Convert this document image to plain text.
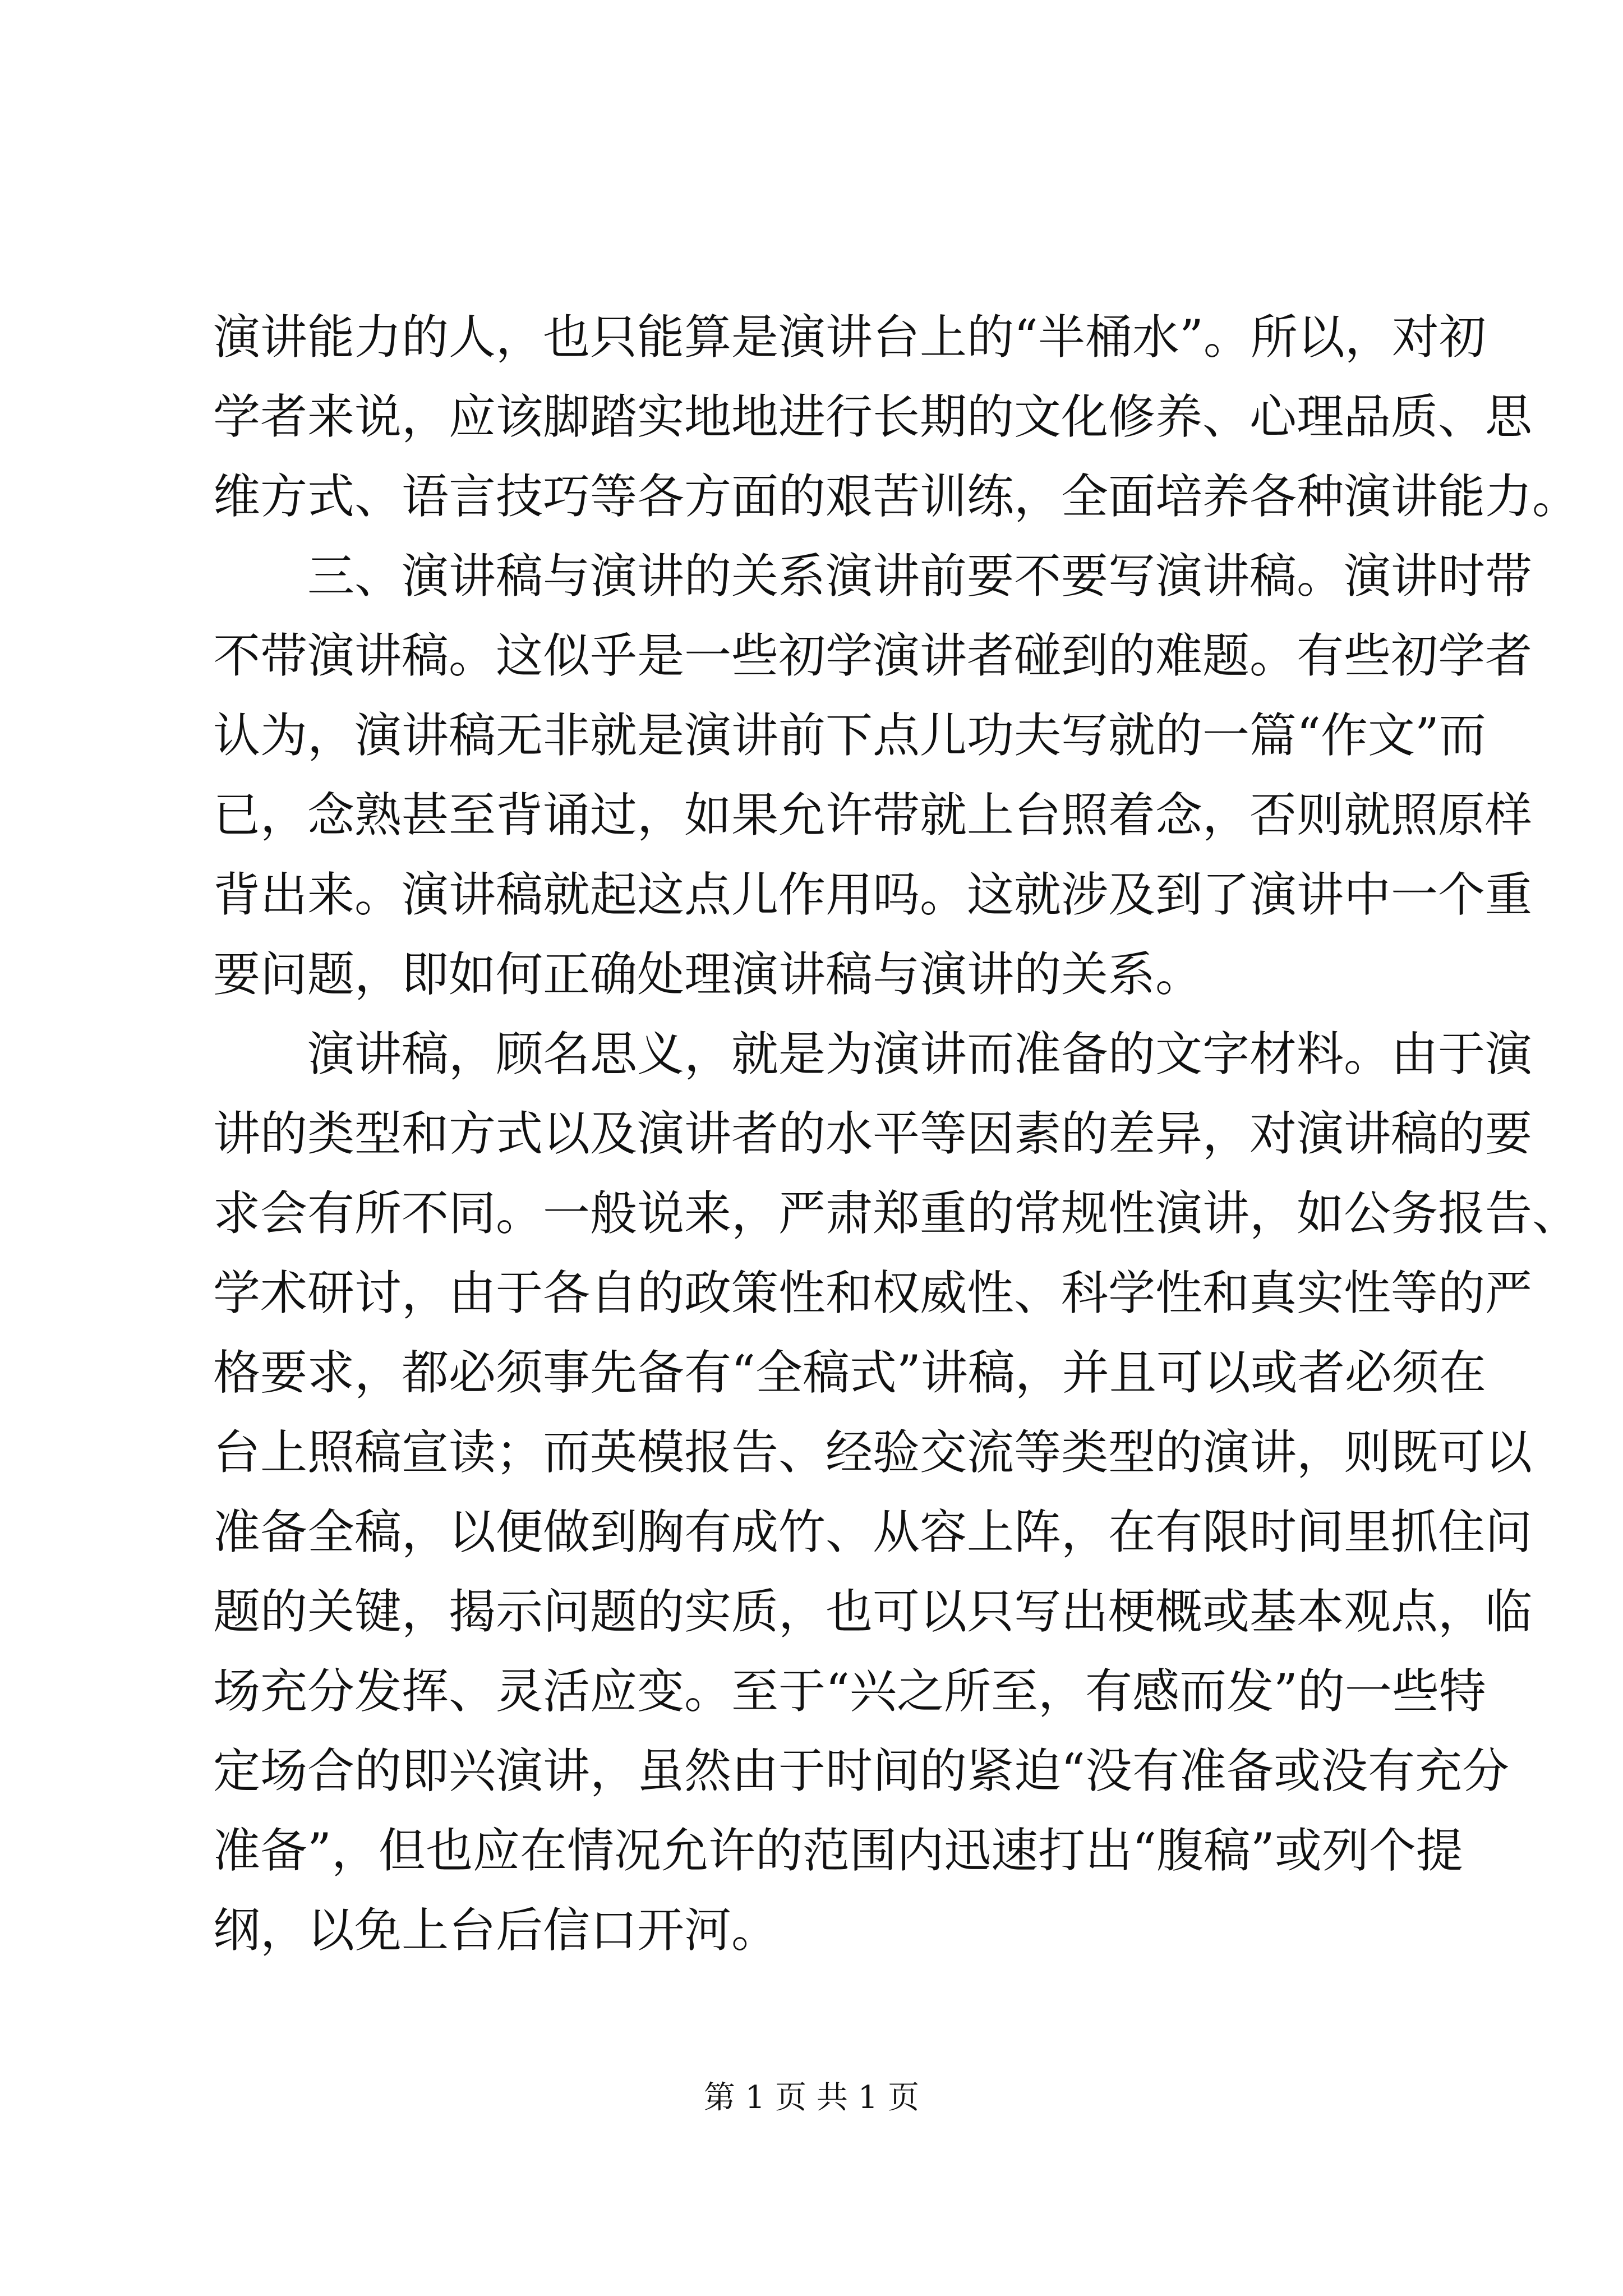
演讲能力的人，也只能算是演讲台上的“半桶水”。所以，对初
学者来说，应该脚踏实地地进行长期的文化修养、心理品质、思
维方式、语言技巧等各方面的艰苦训练，全面培养各种演讲能力。
三、演讲稿与演讲的关系演讲前要不要写演讲稿。演讲时带
不带演讲稿。这似乎是一些初学演讲者碰到的难题。有些初学者
认为，演讲稿无非就是演讲前下点儿功夫写就的一篇“作文”而
已，念熟甚至背诵过，如果允许带就上台照着念，否则就照原样
背出来。演讲稿就起这点儿作用吗。这就涉及到了演讲中一个重
要问题，即如何正确处理演讲稿与演讲的关系。
演讲稿，顾名思义，就是为演讲而准备的文字材料。由于演
讲的类型和方式以及演讲者的水平等因素的差异，对演讲稿的要
求会有所不同。一般说来，严肃郑重的常规性演讲，如公务报告、
学术研讨，由于各自的政策性和权威性、科学性和真实性等的严
格要求，都必须事先备有“全稿式”讲稿，并且可以或者必须在
台上照稿宣读；而英模报告、经验交流等类型的演讲，则既可以
准备全稿，以便做到胸有成竹、从容上阵，在有限时间里抓住问
题的关键，揭示问题的实质，也可以只写出梗概或基本观点，临
场充分发挥、灵活应变。至于“兴之所至，有感而发”的一些特
定场合的即兴演讲，虽然由于时间的紧迫“没有准备或没有充分
准备”，但也应在情况允许的范围内迅速打出“腹稿”或列个提
纲，以免上台后信口开河。
第 1 页 共 1 页
